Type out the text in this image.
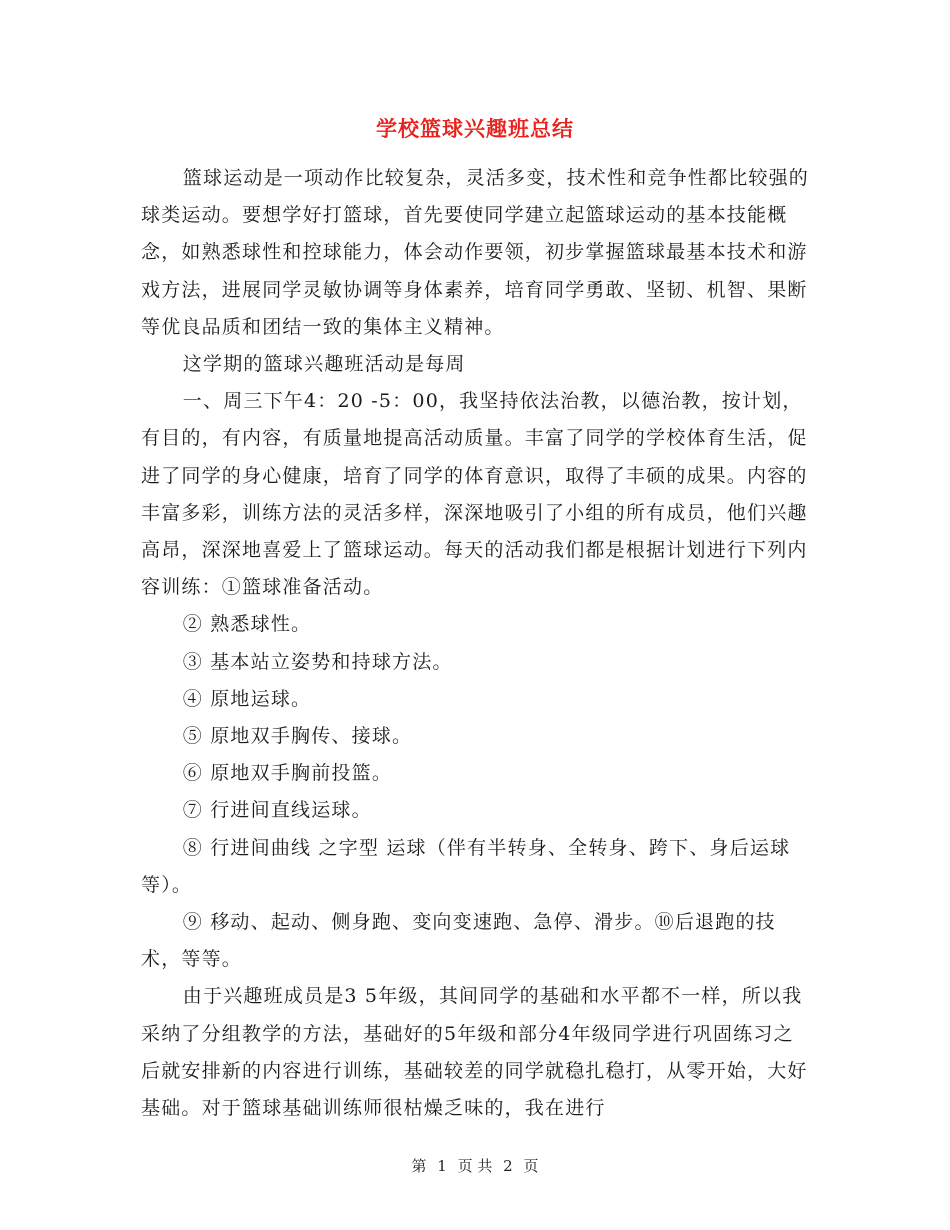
学校篮球兴趣班总结

篮球运动是一项动作比较复杂，灵活多变，技术性和竞争性都比较强的球类运动。要想学好打篮球，首先要使同学建立起篮球运动的基本技能概念，如熟悉球性和控球能力，体会动作要领，初步掌握篮球最基本技术和游戏方法，进展同学灵敏协调等身体素养，培育同学勇敢、坚韧、机智、果断等优良品质和团结一致的集体主义精神。

这学期的篮球兴趣班活动是每周

一、周三下午4：20 -5：00，我坚持依法治教，以德治教，按计划，有目的，有内容，有质量地提高活动质量。丰富了同学的学校体育生活，促进了同学的身心健康，培育了同学的体育意识，取得了丰硕的成果。内容的丰富多彩，训练方法的灵活多样，深深地吸引了小组的所有成员，他们兴趣高昂，深深地喜爱上了篮球运动。每天的活动我们都是根据计划进行下列内容训练：①篮球准备活动。

② 熟悉球性。

③ 基本站立姿势和持球方法。

④ 原地运球。

⑤ 原地双手胸传、接球。

⑥ 原地双手胸前投篮。

⑦ 行进间直线运球。

⑧ 行进间曲线 之字型 运球（伴有半转身、全转身、跨下、身后运球等）。

⑨ 移动、起动、侧身跑、变向变速跑、急停、滑步。⑩后退跑的技术，等等。

由于兴趣班成员是3 5年级，其间同学的基础和水平都不一样，所以我采纳了分组教学的方法，基础好的5年级和部分4年级同学进行巩固练习之后就安排新的内容进行训练，基础较差的同学就稳扎稳打，从零开始，大好基础。对于篮球基础训练师很枯燥乏味的，我在进行

第 1 页 共 2 页
